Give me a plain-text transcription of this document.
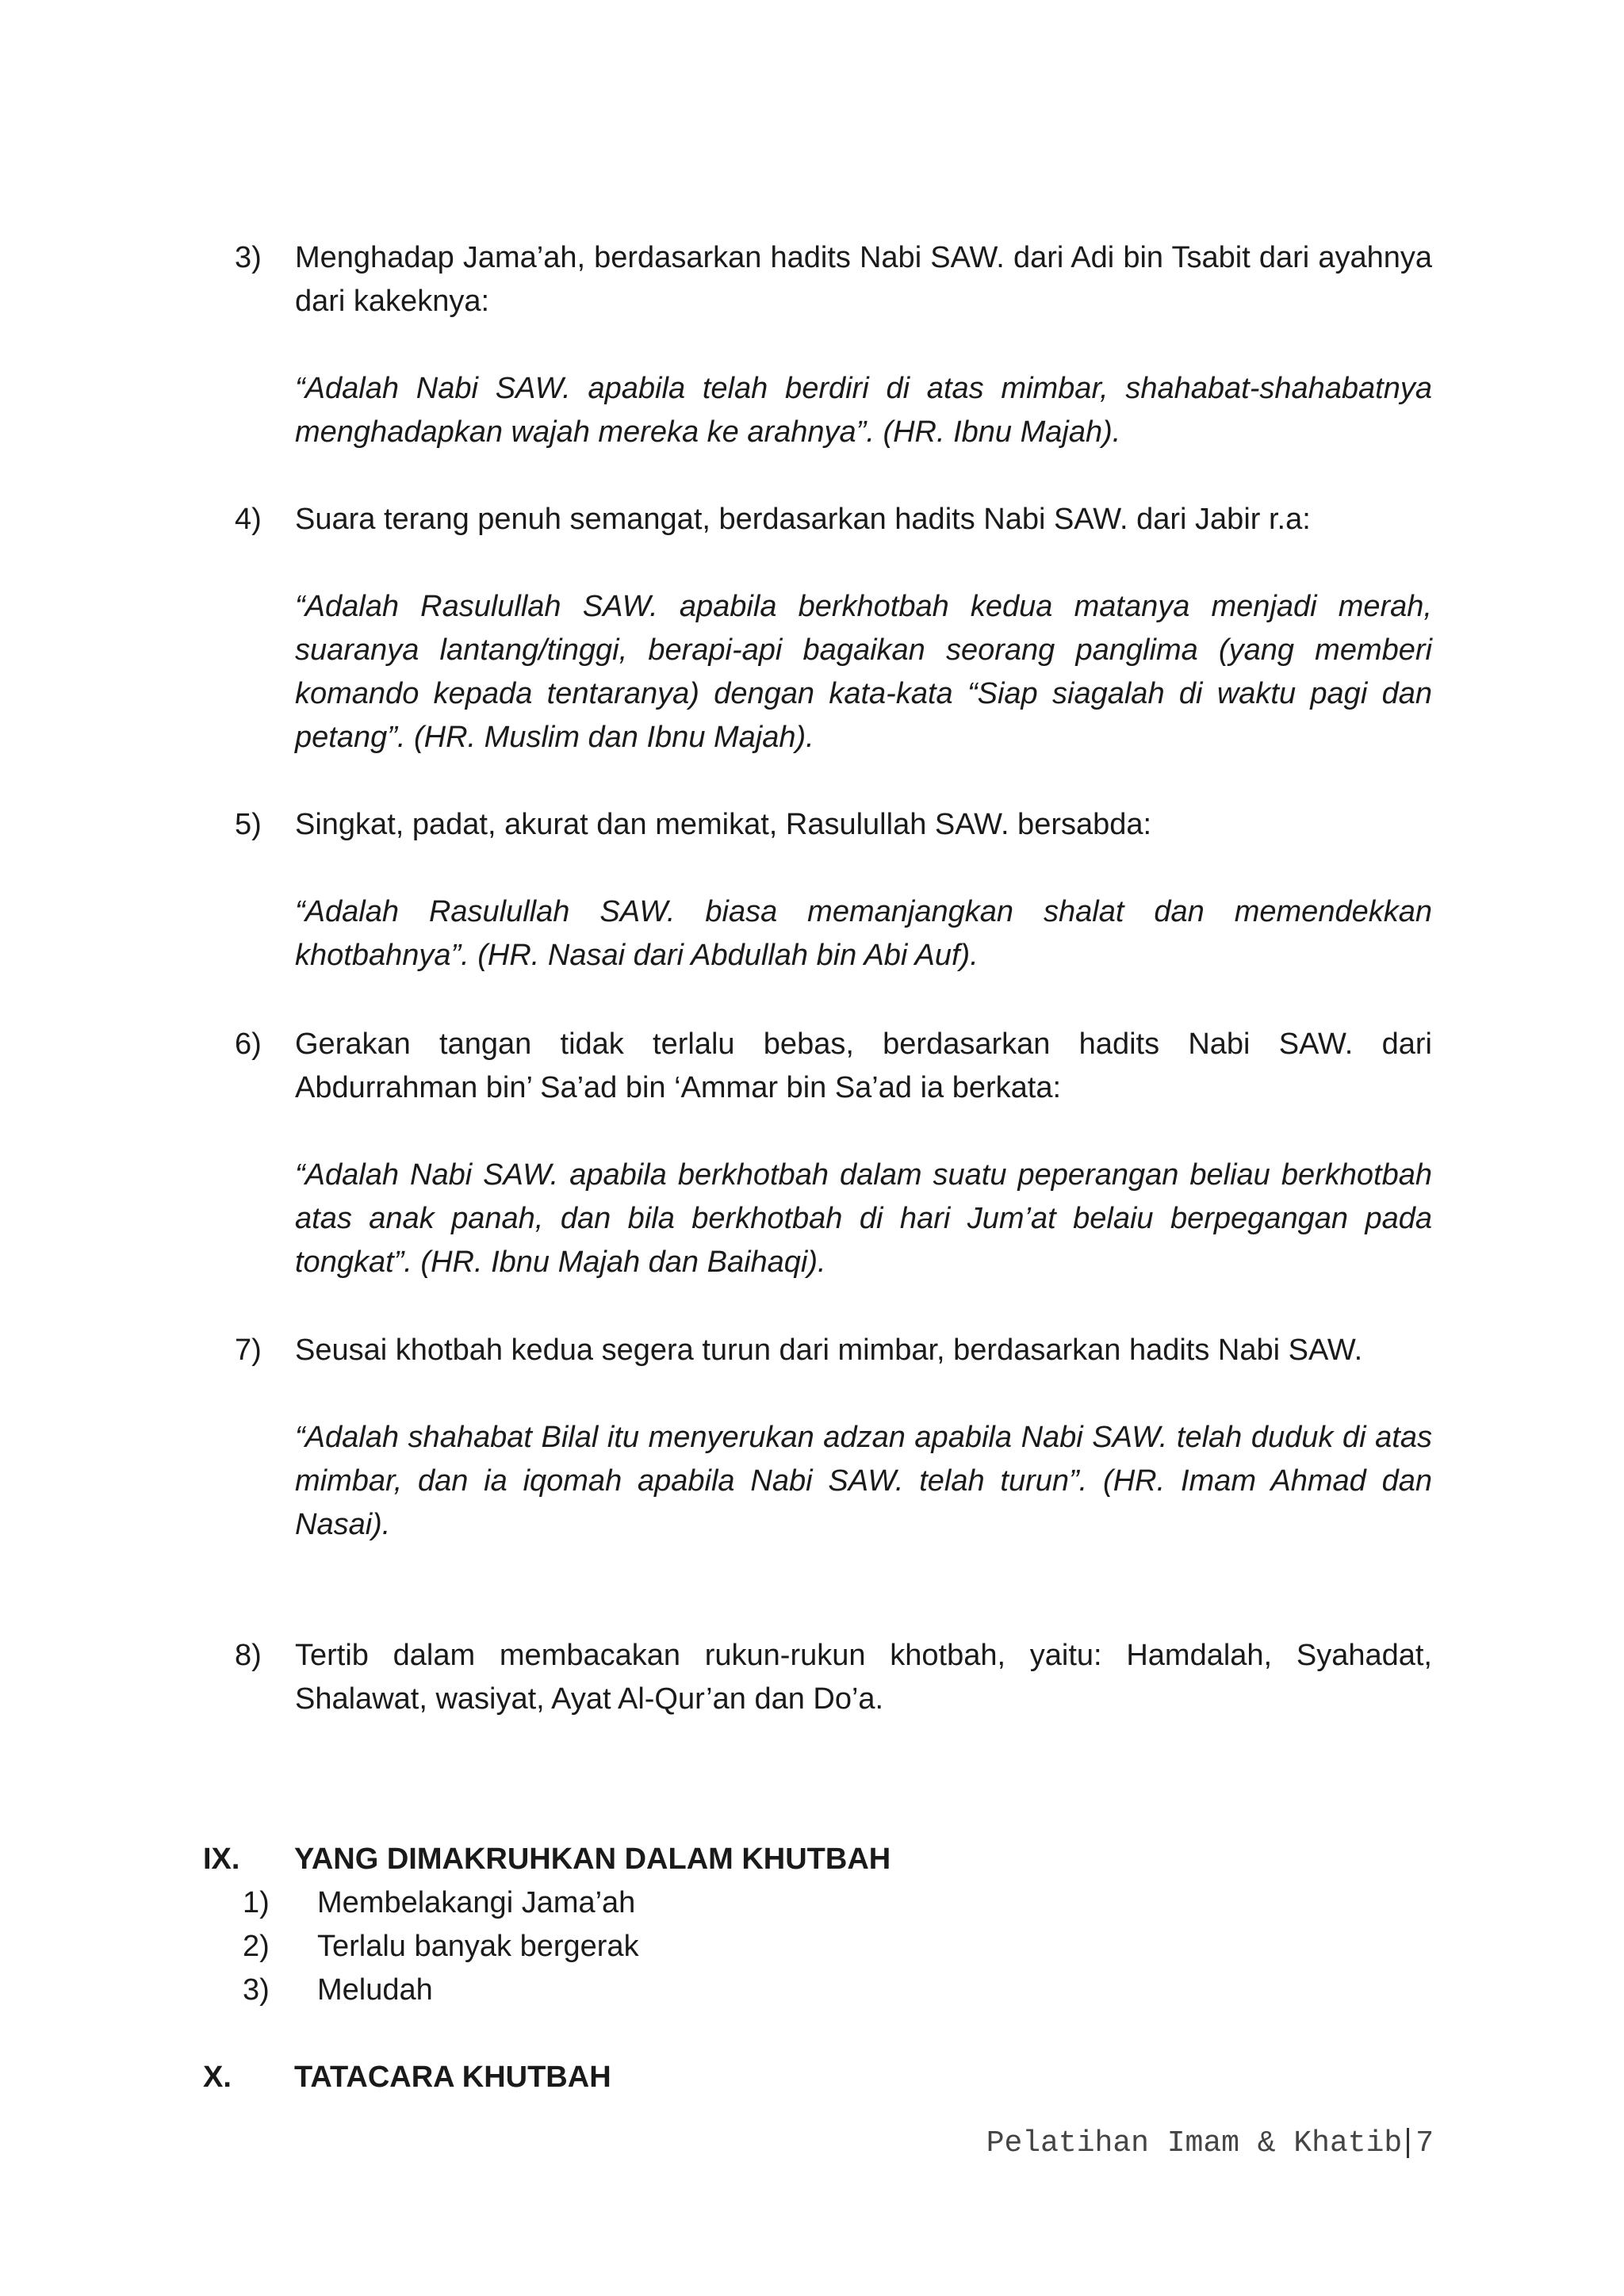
3)	Menghadap Jama’ah, berdasarkan hadits Nabi SAW. dari Adi bin Tsabit dari ayahnya dari kakeknya:
“Adalah Nabi SAW. apabila telah berdiri di atas mimbar, shahabat-shahabatnya menghadapkan wajah mereka ke arahnya”. (HR. Ibnu Majah).
4)	Suara terang penuh semangat, berdasarkan hadits Nabi SAW. dari Jabir r.a:
“Adalah Rasulullah SAW. apabila berkhotbah kedua matanya menjadi merah, suaranya lantang/tinggi, berapi-api bagaikan seorang panglima (yang memberi komando kepada tentaranya) dengan kata-kata “Siap siagalah di waktu pagi dan petang”. (HR. Muslim dan Ibnu Majah).
5)	Singkat, padat, akurat dan memikat, Rasulullah SAW. bersabda:
“Adalah Rasulullah SAW. biasa memanjangkan shalat dan memendekkan khotbahnya”. (HR. Nasai dari Abdullah bin Abi Auf).
6)	Gerakan tangan tidak terlalu bebas, berdasarkan hadits Nabi SAW. dari Abdurrahman bin’ Sa’ad bin ‘Ammar bin Sa’ad ia berkata:
“Adalah Nabi SAW. apabila berkhotbah dalam suatu peperangan beliau berkhotbah atas anak panah, dan bila berkhotbah di hari Jum’at belaiu berpegangan pada tongkat”. (HR. Ibnu Majah dan Baihaqi).
7)	Seusai khotbah kedua segera turun dari mimbar, berdasarkan hadits Nabi SAW.
“Adalah shahabat Bilal itu menyerukan adzan apabila Nabi SAW. telah duduk di atas mimbar, dan ia iqomah apabila Nabi SAW. telah turun”. (HR. Imam Ahmad dan Nasai).
8)	Tertib dalam membacakan rukun-rukun khotbah, yaitu: Hamdalah, Syahadat, Shalawat, wasiyat, Ayat Al-Qur’an dan Do’a.
IX. YANG DIMAKRUHKAN DALAM KHUTBAH
1) Membelakangi Jama’ah
2) Terlalu banyak bergerak
3) Meludah
X. TATACARA KHUTBAH
Pelatihan Imam & Khatib 7
